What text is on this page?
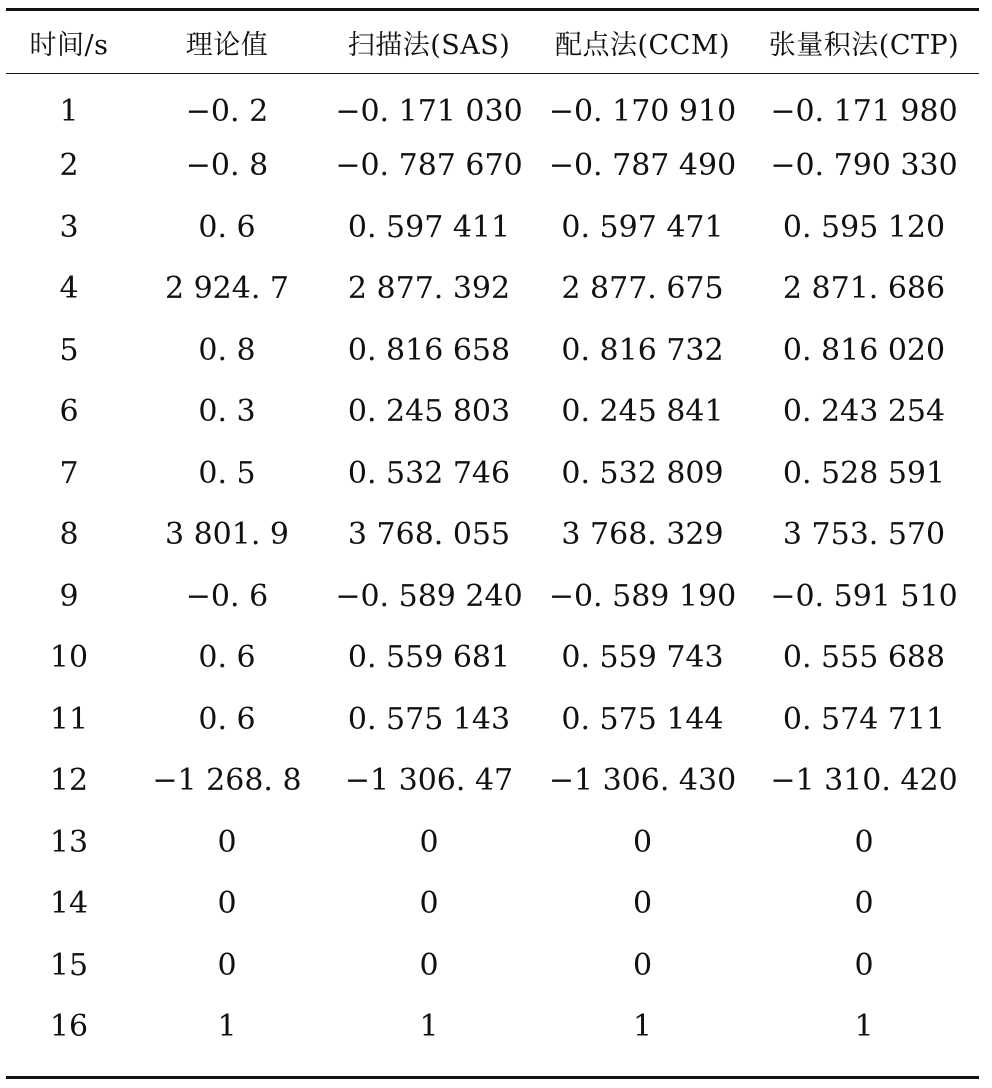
时间/s	理论值	扫描法(SAS)	配点法(CCM)	张量积法(CTP)
1	−0. 2	−0. 171 030	−0. 170 910	−0. 171 980
2	−0. 8	−0. 787 670	−0. 787 490	−0. 790 330
3	0. 6	0. 597 411	0. 597 471	0. 595 120
4	2 924. 7	2 877. 392	2 877. 675	2 871. 686
5	0. 8	0. 816 658	0. 816 732	0. 816 020
6	0. 3	0. 245 803	0. 245 841	0. 243 254
7	0. 5	0. 532 746	0. 532 809	0. 528 591
8	3 801. 9	3 768. 055	3 768. 329	3 753. 570
9	−0. 6	−0. 589 240	−0. 589 190	−0. 591 510
10	0. 6	0. 559 681	0. 559 743	0. 555 688
11	0. 6	0. 575 143	0. 575 144	0. 574 711
12	−1 268. 8	−1 306. 47	−1 306. 430	−1 310. 420
13	0	0	0	0
14	0	0	0	0
15	0	0	0	0
16	1	1	1	1
